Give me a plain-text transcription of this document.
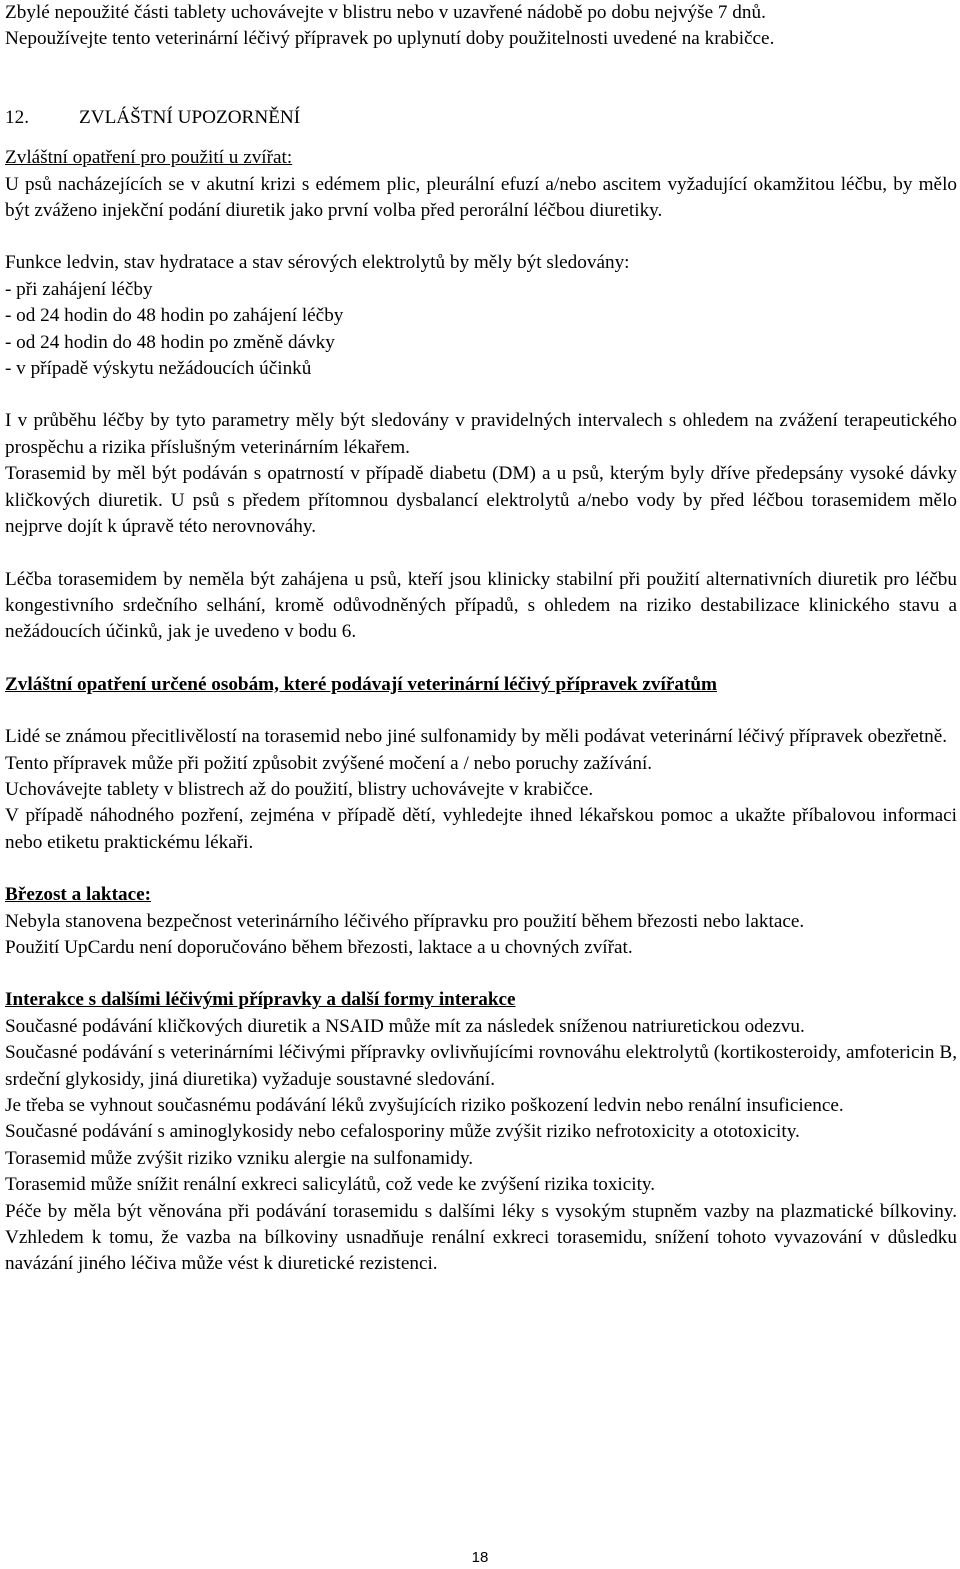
Zbylé nepoužité části tablety uchovávejte v blistru nebo v uzavřené nádobě po dobu nejvýše 7 dnů.

Nepoužívejte tento veterinární léčivý přípravek po uplynutí doby použitelnosti uvedené na krabičce.

12.	ZVLÁŠTNÍ UPOZORNĚNÍ

Zvláštní opatření pro použití u zvířat:

U psů nacházejících se v akutní krizi s edémem plic, pleurální efuzí a/nebo ascitem vyžadující okamžitou léčbu, by mělo být zváženo injekční podání diuretik jako první volba před perorální léčbou diuretiky.

Funkce ledvin, stav hydratace a stav sérových elektrolytů by měly být sledovány:

- při zahájení léčby

- od 24 hodin do 48 hodin po zahájení léčby

- od 24 hodin do 48 hodin po změně dávky

- v případě výskytu nežádoucích účinků

I v průběhu léčby by tyto parametry měly být sledovány v pravidelných intervalech s ohledem na zvážení terapeutického prospěchu a rizika příslušným veterinárním lékařem.

Torasemid by měl být podáván s opatrností v případě diabetu (DM) a u psů, kterým byly dříve předepsány vysoké dávky kličkových diuretik. U psů s předem přítomnou dysbalancí elektrolytů a/nebo vody by před léčbou torasemidem mělo nejprve dojít k úpravě této nerovnováhy.

Léčba torasemidem by neměla být zahájena u psů, kteří jsou klinicky stabilní při použití alternativních diuretik pro léčbu kongestivního srdečního selhání, kromě odůvodněných případů, s ohledem na riziko destabilizace klinického stavu a nežádoucích účinků, jak je uvedeno v bodu 6.

Zvláštní opatření určené osobám, které podávají veterinární léčivý přípravek zvířatům

Lidé se známou přecitlivělostí na torasemid nebo jiné sulfonamidy by měli podávat veterinární léčivý přípravek obezřetně.

Tento přípravek může při požití způsobit zvýšené močení a / nebo poruchy zažívání.

Uchovávejte tablety v blistrech až do použití, blistry uchovávejte v krabičce.

V případě náhodného pozření, zejména v případě dětí, vyhledejte ihned lékařskou pomoc a ukažte příbalovou informaci nebo etiketu praktickému lékaři.

Březost a laktace:

Nebyla stanovena bezpečnost veterinárního léčivého přípravku pro použití během březosti nebo laktace.

Použití UpCardu není doporučováno během březosti, laktace a u chovných zvířat.

Interakce s dalšími léčivými přípravky a další formy interakce

Současné podávání kličkových diuretik a NSAID může mít za následek sníženou natriuretickou odezvu.

Současné podávání s veterinárními léčivými přípravky ovlivňujícími rovnováhu elektrolytů (kortikosteroidy, amfotericin B, srdeční glykosidy, jiná diuretika) vyžaduje soustavné sledování.

Je třeba se vyhnout současnému podávání léků zvyšujících riziko poškození ledvin nebo renální insuficience.

Současné podávání s aminoglykosidy nebo cefalosporiny může zvýšit riziko nefrotoxicity a ototoxicity.

Torasemid může zvýšit riziko vzniku alergie na sulfonamidy.

Torasemid může snížit renální exkreci salicylátů, což vede ke zvýšení rizika toxicity.

Péče by měla být věnována při podávání torasemidu s dalšími léky s vysokým stupněm vazby na plazmatické bílkoviny. Vzhledem k tomu, že vazba na bílkoviny usnadňuje renální exkreci torasemidu, snížení tohoto vyvazování v důsledku navázání jiného léčiva může vést k diuretické rezistenci.

18
